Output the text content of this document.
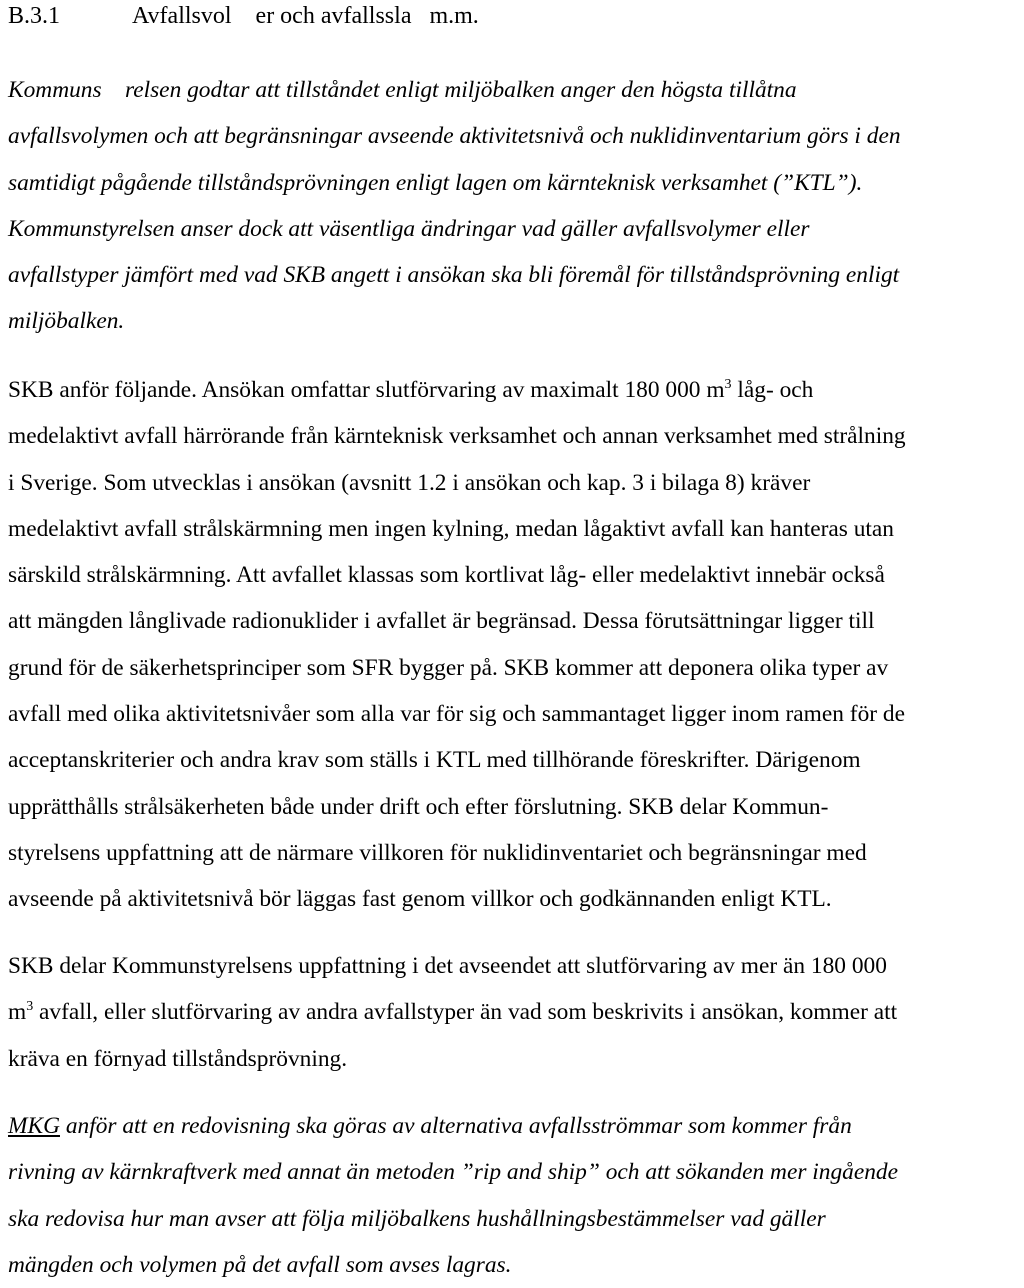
B.3.1	Avfallsvol    er och avfallssla   m.m.

Kommuns    relsen godtar att tillståndet enligt miljöbalken anger den högsta tillåtna
avfallsvolymen och att begränsningar avseende aktivitetsnivå och nuklidinventarium görs i den
samtidigt pågående tillståndsprövningen enligt lagen om kärnteknisk verksamhet (”KTL”).
Kommunstyrelsen anser dock att väsentliga ändringar vad gäller avfallsvolymer eller
avfallstyper jämfört med vad SKB angett i ansökan ska bli föremål för tillståndsprövning enligt
miljöbalken.

SKB anför följande. Ansökan omfattar slutförvaring av maximalt 180 000 $m^3$ låg- och
medelaktivt avfall härrörande från kärnteknisk verksamhet och annan verksamhet med strålning
i Sverige. Som utvecklas i ansökan (avsnitt 1.2 i ansökan och kap. 3 i bilaga 8) kräver
medelaktivt avfall strålskärmning men ingen kylning, medan lågaktivt avfall kan hanteras utan
särskild strålskärmning. Att avfallet klassas som kortlivat låg- eller medelaktivt innebär också
att mängden långlivade radionuklider i avfallet är begränsad. Dessa förutsättningar ligger till
grund för de säkerhetsprinciper som SFR bygger på. SKB kommer att deponera olika typer av
avfall med olika aktivitetsnivåer som alla var för sig och sammantaget ligger inom ramen för de
acceptanskriterier och andra krav som ställs i KTL med tillhörande föreskrifter. Därigenom
upprätthålls strålsäkerheten både under drift och efter förslutning. SKB delar Kommun-
styrelsens uppfattning att de närmare villkoren för nuklidinventariet och begränsningar med
avseende på aktivitetsnivå bör läggas fast genom villkor och godkännanden enligt KTL.

SKB delar Kommunstyrelsens uppfattning i det avseendet att slutförvaring av mer än 180 000
$m^3$ avfall, eller slutförvaring av andra avfallstyper än vad som beskrivits i ansökan, kommer att
kräva en förnyad tillståndsprövning.

MKG anför att en redovisning ska göras av alternativa avfallsströmmar som kommer från
rivning av kärnkraftverk med annat än metoden ”rip and ship” och att sökanden mer ingående
ska redovisa hur man avser att följa miljöbalkens hushållningsbestämmelser vad gäller
mängden och volymen på det avfall som avses lagras.
